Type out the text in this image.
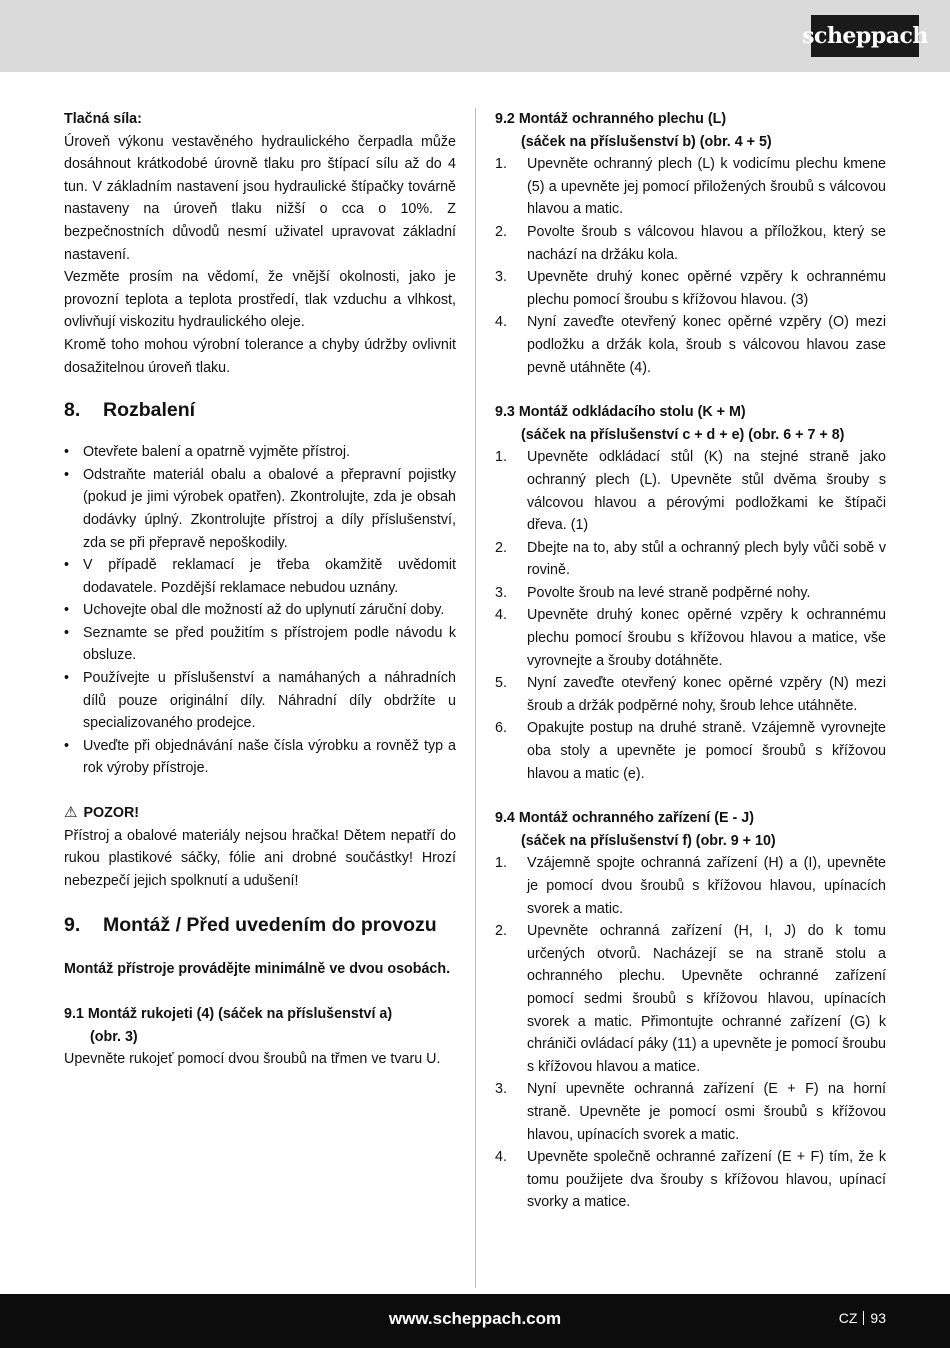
scheppach

Tlačná síla:

Úroveň výkonu vestavěného hydraulického čerpadla může dosáhnout krátkodobé úrovně tlaku pro štípací sílu až do 4 tun. V základním nastavení jsou hydraulické štípačky továrně nastaveny na úroveň tlaku nižší o cca o 10%. Z bezpečnostních důvodů nesmí uživatel upravovat základní nastavení.

Vezměte prosím na vědomí, že vnější okolnosti, jako je provozní teplota a teplota prostředí, tlak vzduchu a vlhkost, ovlivňují viskozitu hydraulického oleje.

Kromě toho mohou výrobní tolerance a chyby údržby ovlivnit dosažitelnou úroveň tlaku.

8.	Rozbalení
• Otevřete balení a opatrně vyjměte přístroj.
• Odstraňte materiál obalu a obalové a přepravní pojistky (pokud je jimi výrobek opatřen). Zkontrolujte, zda je obsah dodávky úplný. Zkontrolujte přístroj a díly příslušenství, zda se při přepravě nepoškodily.
• V případě reklamací je třeba okamžitě uvědomit dodavatele. Pozdější reklamace nebudou uznány.
• Uchovejte obal dle možností až do uplynutí záruční doby.
• Seznamte se před použitím s přístrojem podle návodu k obsluze.
• Používejte u příslušenství a namáhaných a náhradních dílů pouze originální díly. Náhradní díly obdržíte u specializovaného prodejce.
• Uveďte při objednávání naše čísla výrobku a rovněž typ a rok výroby přístroje.
⚠ POZOR!

Přístroj a obalové materiály nejsou hračka! Dětem nepatří do rukou plastikové sáčky, fólie ani drobné součástky! Hrozí nebezpečí jejich spolknutí a udušení!

9.	Montáž / Před uvedením do provozu

Montáž přístroje provádějte minimálně ve dvou osobách.

9.1 Montáž rukojeti (4) (sáček na příslušenství a)
(obr. 3)

Upevněte rukojeť pomocí dvou šroubů na třmen ve tvaru U.

9.2 Montáž ochranného plechu (L)
(sáček na příslušenství b) (obr. 4 + 5)
1.	Upevněte ochranný plech (L) k vodicímu plechu kmene (5) a upevněte jej pomocí přiložených šroubů s válcovou hlavou a matic.
2.	Povolte šroub s válcovou hlavou a příložkou, který se nachází na držáku kola.
3.	Upevněte druhý konec opěrné vzpěry k ochrannému plechu pomocí šroubu s křížovou hlavou. (3)
4.	Nyní zaveďte otevřený konec opěrné vzpěry (O) mezi podložku a držák kola, šroub s válcovou hlavou zase pevně utáhněte (4).
9.3 Montáž odkládacího stolu (K + M)
(sáček na příslušenství c + d + e) (obr. 6 + 7 + 8)
1.	Upevněte odkládací stůl (K) na stejné straně jako ochranný plech (L). Upevněte stůl dvěma šrouby s válcovou hlavou a pérovými podložkami ke štípači dřeva. (1)
2.	Dbejte na to, aby stůl a ochranný plech byly vůči sobě v rovině.
3.	Povolte šroub na levé straně podpěrné nohy.
4.	Upevněte druhý konec opěrné vzpěry k ochrannému plechu pomocí šroubu s křížovou hlavou a matice, vše vyrovnejte a šrouby dotáhněte.
5.	Nyní zaveďte otevřený konec opěrné vzpěry (N) mezi šroub a držák podpěrné nohy, šroub lehce utáhněte.
6.	Opakujte postup na druhé straně. Vzájemně vyrovnejte oba stoly a upevněte je pomocí šroubů s křížovou hlavou a matic (e).
9.4 Montáž ochranného zařízení (E - J)
(sáček na příslušenství f) (obr. 9 + 10)
1.	Vzájemně spojte ochranná zařízení (H) a (I), upevněte je pomocí dvou šroubů s křížovou hlavou, upínacích svorek a matic.
2.	Upevněte ochranná zařízení (H, I, J) do k tomu určených otvorů. Nacházejí se na straně stolu a ochranného plechu. Upevněte ochranné zařízení pomocí sedmi šroubů s křížovou hlavou, upínacích svorek a matic. Přimontujte ochranné zařízení (G) k chrániči ovládací páky (11) a upevněte je pomocí šroubu s křížovou hlavou a matice.
3.	Nyní upevněte ochranná zařízení (E + F) na horní straně. Upevněte je pomocí osmi šroubů s křížovou hlavou, upínacích svorek a matic.
4.	Upevněte společně ochranné zařízení (E + F) tím, že k tomu použijete dva šrouby s křížovou hlavou, upínací svorky a matice.
www.scheppach.com	CZ 93
